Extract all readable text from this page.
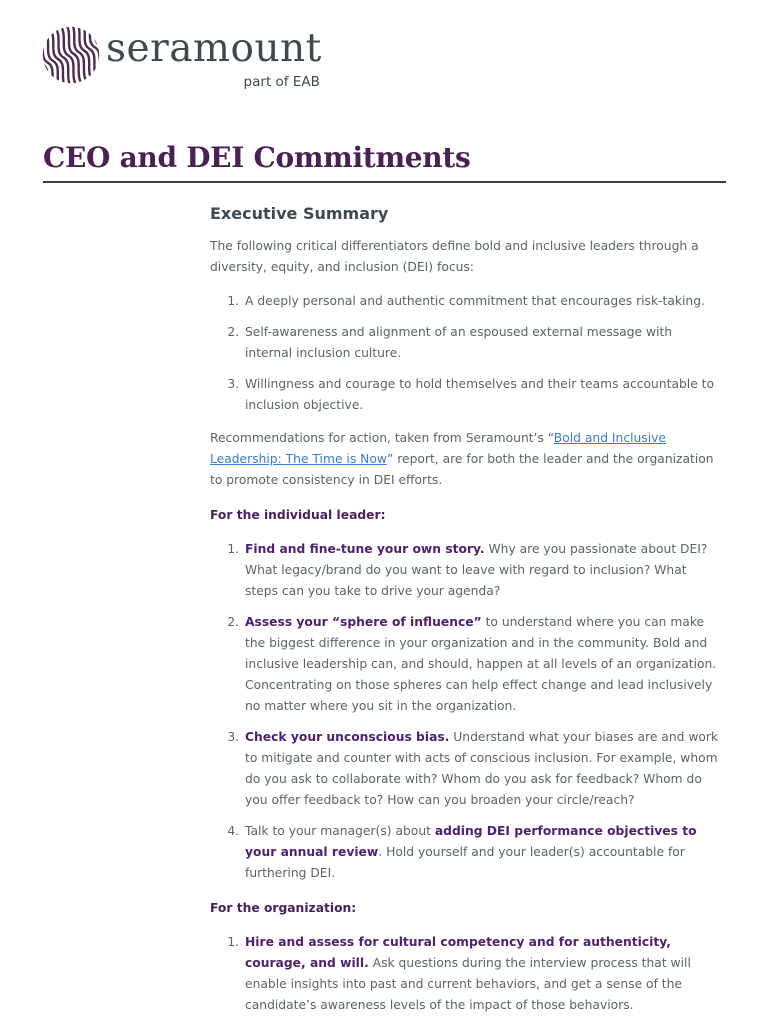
seramount
part of EAB
CEO and DEI Commitments
Executive Summary

The following critical differentiators define bold and inclusive leaders through a diversity, equity, and inclusion (DEI) focus:

1. A deeply personal and authentic commitment that encourages risk-taking.
2. Self-awareness and alignment of an espoused external message with internal inclusion culture.
3. Willingness and courage to hold themselves and their teams accountable to inclusion objective.

Recommendations for action, taken from Seramount’s “Bold and Inclusive Leadership: The Time is Now” report, are for both the leader and the organization to promote consistency in DEI efforts.

For the individual leader:
1. Find and fine-tune your own story. Why are you passionate about DEI? What legacy/brand do you want to leave with regard to inclusion? What steps can you take to drive your agenda?
2. Assess your “sphere of influence” to understand where you can make the biggest difference in your organization and in the community. Bold and inclusive leadership can, and should, happen at all levels of an organization. Concentrating on those spheres can help effect change and lead inclusively no matter where you sit in the organization.
3. Check your unconscious bias. Understand what your biases are and work to mitigate and counter with acts of conscious inclusion. For example, whom do you ask to collaborate with? Whom do you ask for feedback? Whom do you offer feedback to? How can you broaden your circle/reach?
4. Talk to your manager(s) about adding DEI performance objectives to your annual review. Hold yourself and your leader(s) accountable for furthering DEI.
For the organization:
1. Hire and assess for cultural competency and for authenticity, courage, and will. Ask questions during the interview process that will enable insights into past and current behaviors, and get a sense of the candidate’s awareness levels of the impact of those behaviors.
